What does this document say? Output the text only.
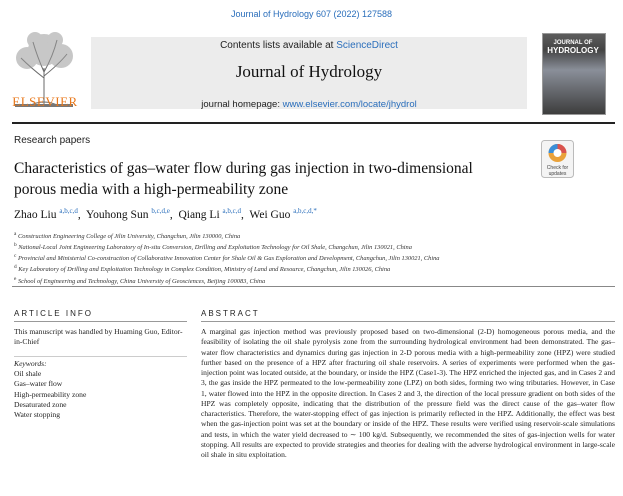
Journal of Hydrology 607 (2022) 127588
ELSEVIER
Contents lists available at ScienceDirect
Journal of Hydrology
journal homepage: www.elsevier.com/locate/jhydrol
JOURNAL OF
HYDROLOGY
Research papers
Characteristics of gas–water flow during gas injection in two-dimensional
porous media with a high-permeability zone
Check for
updates
Zhao Liu $^{a,b,c,d}$,  Youhong Sun $^{b,c,d,e}$,  Qiang Li $^{a,b,c,d}$,  Wei Guo $^{a,b,c,d,*}$
$^a$ Construction Engineering College of Jilin University, Changchun, Jilin 130000, China
$^b$ National-Local Joint Engineering Laboratory of In-situ Conversion, Drilling and Exploitation Technology for Oil Shale, Changchun, Jilin 130021, China
$^c$ Provincial and Ministerial Co-construction of Collaborative Innovation Center for Shale Oil & Gas Exploration and Development, Changchun, Jilin 130021, China
$^d$ Key Laboratory of Drilling and Exploitation Technology in Complex Condition, Ministry of Land and Resource, Changchun, Jilin 130026, China
$^e$ School of Engineering and Technology, China University of Geosciences, Beijing 100083, China
ARTICLE INFO
This manuscript was handled by Huaming Guo, Editor-in-Chief
Keywords:
Oil shale
Gas–water flow
High-permeability zone
Desaturated zone
Water stopping
ABSTRACT
A marginal gas injection method was previously proposed based on two-dimensional (2-D) homogeneous porous media, and the feasibility of isolating the oil shale pyrolysis zone from the surrounding hydrological environment had been demonstrated. The gas–water flow characteristics and dynamics during gas injection in 2-D porous media with a high-permeability zone (HPZ) were studied further based on the presence of a HPZ after fracturing oil shale reservoirs. A series of experiments were performed when the gas-injection point was located outside, at the boundary, or inside the HPZ (Case1-3). The HPZ enriched the injected gas, and in Cases 2 and 3, the gas inside the HPZ permeated to the low-permeability zone (LPZ) on both sides, forming two wing tributaries. However, in Case 1, water flowed into the HPZ in the opposite direction. In Cases 2 and 3, the direction of the local pressure gradient on both sides of the HPZ was completely opposite, indicating that the distribution of the pressure field was the direct cause of the gas–water flow characteristics. Therefore, the water-stopping effect of gas injection is primarily reflected in the HPZ. Additionally, the effect was best when the gas-injection point was set at the boundary or inside of the HPZ. These results were verified using reservoir-scale simulations and tests, in which the water yield decreased to ∼ 100 kg/d. Subsequently, we recommended the sites of gas-injection wells for water stopping. All results are expected to provide strategies and theories for dealing with the adverse hydrological environment in large-scale oil shale in situ exploitation.
